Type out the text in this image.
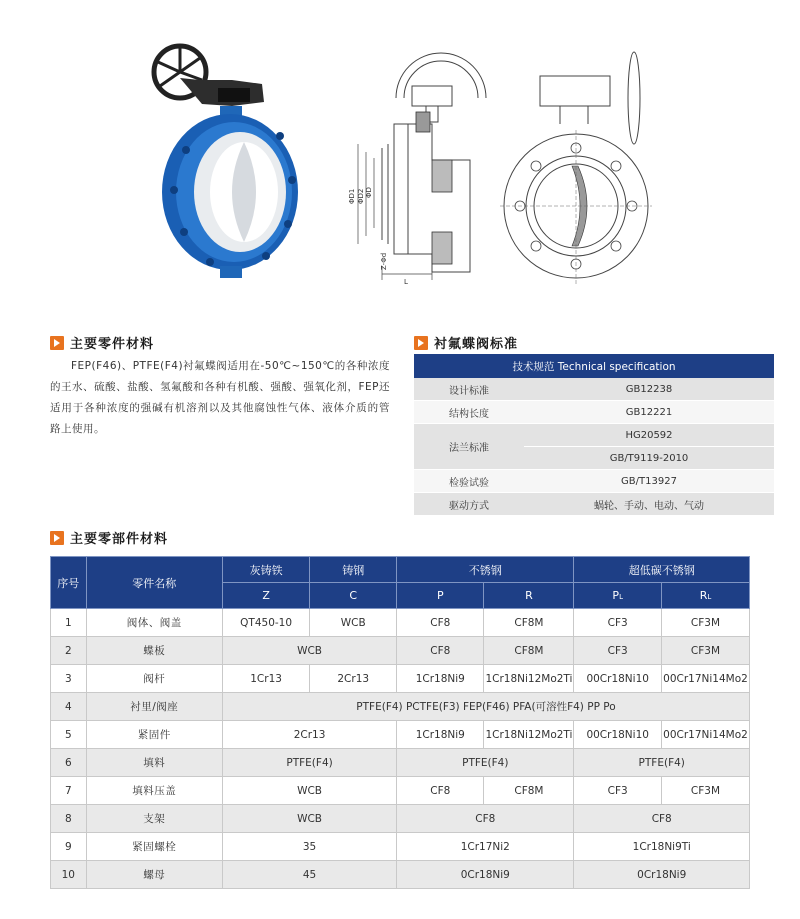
ΦD1 ΦD2 ΦD
Z-Φd
L
主要零件材料
FEP(F46)、PTFE(F4)衬氟蝶阀适用在-50℃~150℃的各种浓度的王水、硫酸、盐酸、氢氟酸和各种有机酸、强酸、强氧化剂，FEP还适用于各种浓度的强碱有机溶剂以及其他腐蚀性气体、液体介质的管路上使用。
衬氟蝶阀标准
技术规范 Technical specification	
设计标准	GB12238
结构长度	GB12221
法兰标准	HG20592
	GB/T9119-2010
检验试验	GB/T13927
驱动方式	蜗轮、手动、电动、气动
主要零部件材料
序号	零件名称	灰铸铁	铸钢	不锈钢		超低碳不锈钢	
		Z	C	P	R	PL	RL
1	阀体、阀盖	QT450-10	WCB	CF8	CF8M	CF3	CF3M
2	蝶板	WCB		CF8	CF8M	CF3	CF3M
3	阀杆	1Cr13	2Cr13	1Cr18Ni9	1Cr18Ni12Mo2Ti	00Cr18Ni10	00Cr17Ni14Mo2
4	衬里/阀座	PTFE(F4) PCTFE(F3) FEP(F46) PFA(可溶性F4) PP Po					
5	紧固件	2Cr13		1Cr18Ni9	1Cr18Ni12Mo2Ti	00Cr18Ni10	00Cr17Ni14Mo2
6	填料	PTFE(F4)		PTFE(F4)		PTFE(F4)	
7	填料压盖	WCB		CF8	CF8M	CF3	CF3M
8	支架	WCB		CF8		CF8	
9	紧固螺栓	35		1Cr17Ni2		1Cr18Ni9Ti	
10	螺母	45		0Cr18Ni9		0Cr18Ni9	
